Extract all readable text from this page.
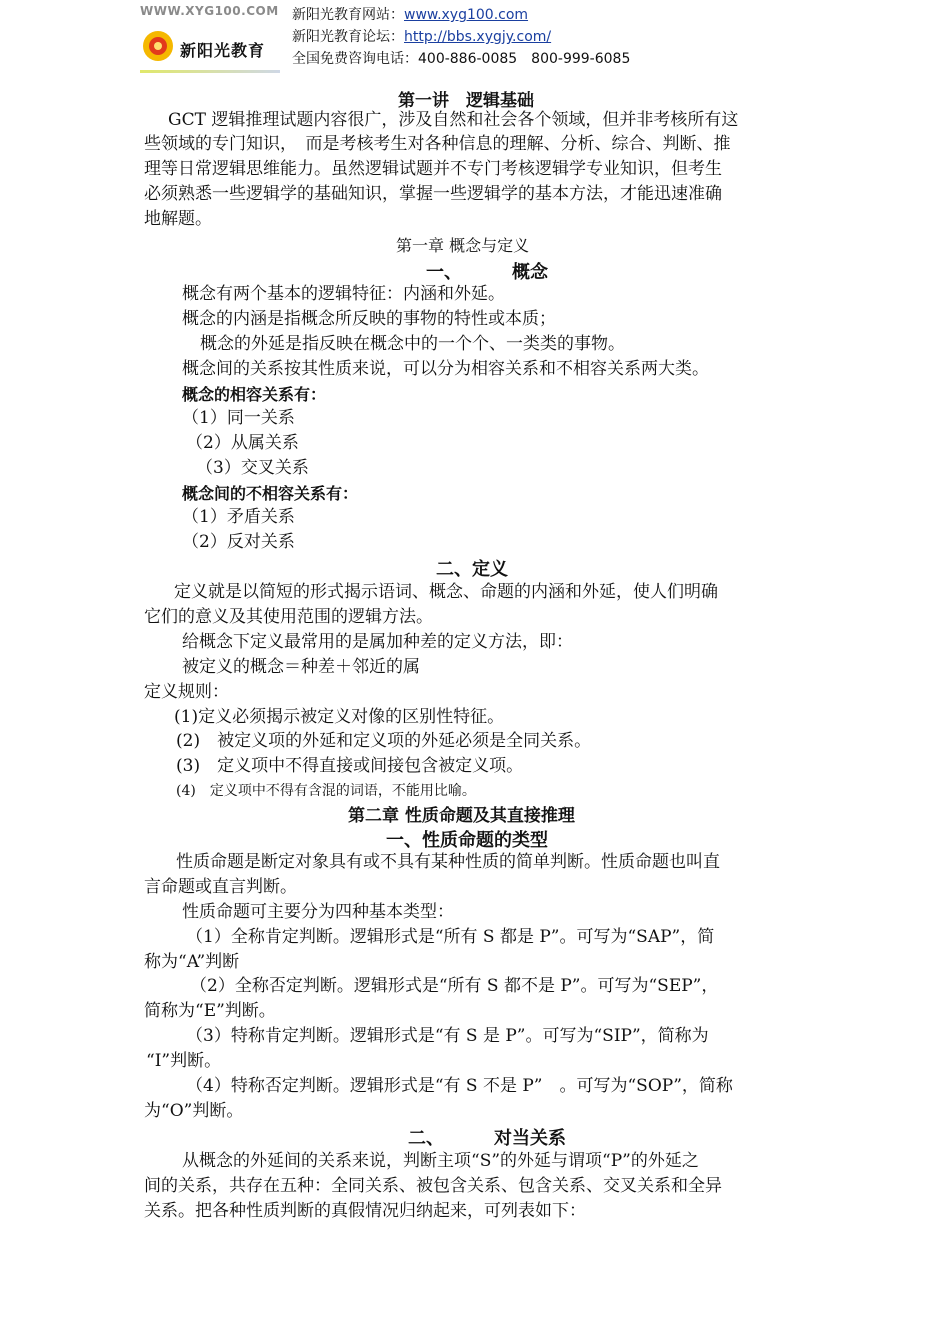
WWW.XYG100.COM
新阳光教育
新阳光教育网站：www.xyg100.com
新阳光教育论坛：http://bbs.xygjy.com/
全国免费咨询电话：400-886-0085　800-999-6085
第一讲　逻辑基础
GCT 逻辑推理试题内容很广，涉及自然和社会各个领域，但并非考核所有这
些领域的专门知识，　而是考核考生对各种信息的理解、分析、综合、判断、推
理等日常逻辑思维能力。虽然逻辑试题并不专门考核逻辑学专业知识，但考生
必须熟悉一些逻辑学的基础知识，掌握一些逻辑学的基本方法，才能迅速准确
地解题。
第一章 概念与定义
一、	概念
概念有两个基本的逻辑特征：内涵和外延。
概念的内涵是指概念所反映的事物的特性或本质；
概念的外延是指反映在概念中的一个个、一类类的事物。
概念间的关系按其性质来说，可以分为相容关系和不相容关系两大类。
概念的相容关系有：
（1）同一关系
（2）从属关系
（3）交叉关系
概念间的不相容关系有：
（1）矛盾关系
（2）反对关系
二、定义
定义就是以简短的形式揭示语词、概念、命题的内涵和外延，使人们明确
它们的意义及其使用范围的逻辑方法。
给概念下定义最常用的是属加种差的定义方法，即：
被定义的概念＝种差＋邻近的属
定义规则：
(1)定义必须揭示被定义对像的区别性特征。
(2)　被定义项的外延和定义项的外延必须是全同关系。
(3)　定义项中不得直接或间接包含被定义项。
(4)　定义项中不得有含混的词语，不能用比喻。
第二章 性质命题及其直接推理
一、性质命题的类型
性质命题是断定对象具有或不具有某种性质的简单判断。性质命题也叫直
言命题或直言判断。
性质命题可主要分为四种基本类型：
（1）全称肯定判断。逻辑形式是“所有 S 都是 P”。可写为“SAP”，简
称为“A”判断
（2）全称否定判断。逻辑形式是“所有 S 都不是 P”。可写为“SEP”，
简称为“E”判断。
（3）特称肯定判断。逻辑形式是“有 S 是 P”。可写为“SIP”，简称为
“I”判断。
（4）特称否定判断。逻辑形式是“有 S 不是 P”　。可写为“SOP”，简称
为“O”判断。
二、	对当关系
从概念的外延间的关系来说，判断主项“S”的外延与谓项“P”的外延之
间的关系，共存在五种：全同关系、被包含关系、包含关系、交叉关系和全异
关系。把各种性质判断的真假情况归纳起来，可列表如下：
